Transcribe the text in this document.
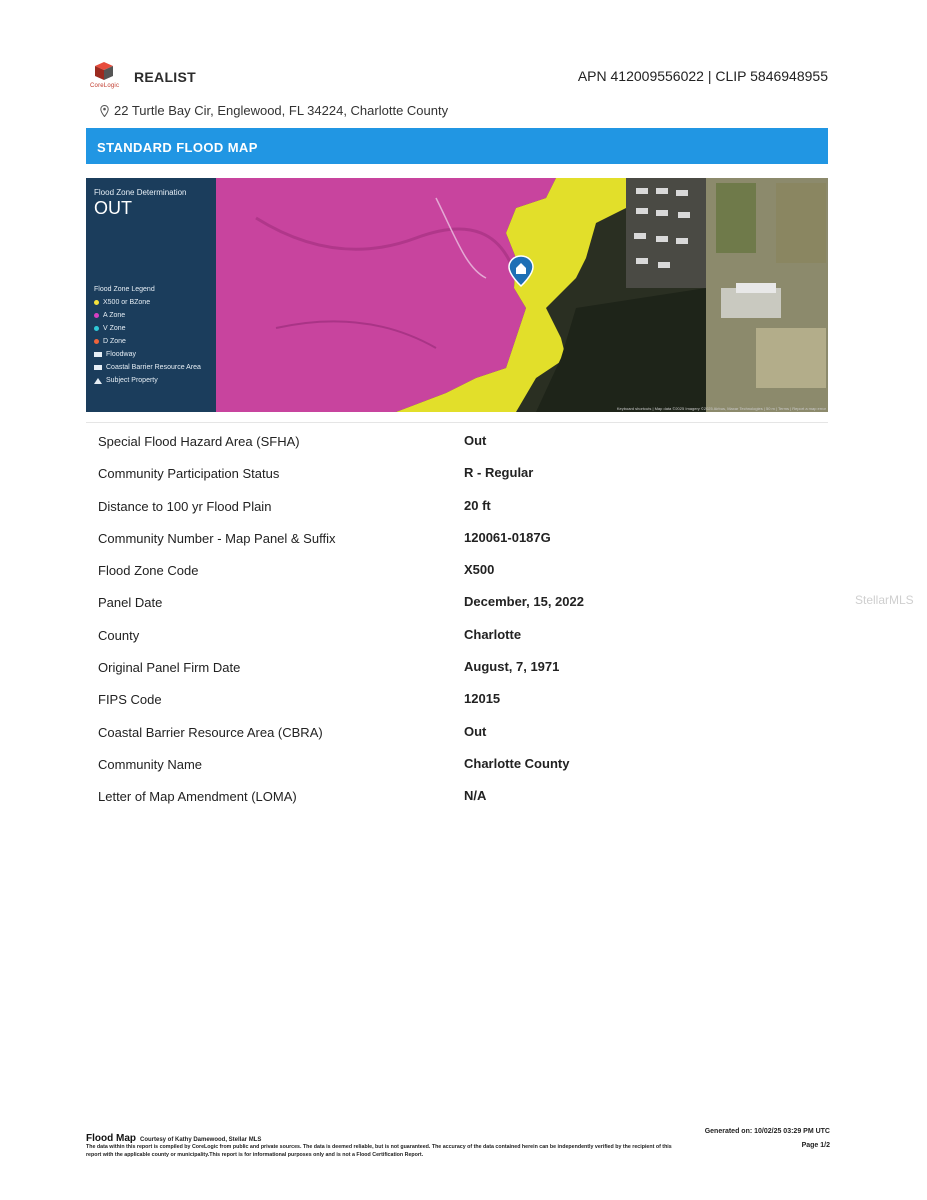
CoreLogic
REALIST	APN 412009556022 | CLIP 5846948955
22 Turtle Bay Cir, Englewood, FL 34224, Charlotte County
STANDARD FLOOD MAP
Flood Zone Determination
OUT
Flood Zone Legend
X500 or BZone
A Zone
V Zone
D Zone
Floodway
Coastal Barrier Resource Area
Subject Property
Keyboard shortcuts | Map data ©2025 Imagery ©2025 Airbus, Maxar Technologies | 50 m | Terms | Report a map error
Special Flood Hazard Area (SFHA)	Out
Community Participation Status	R - Regular
Distance to 100 yr Flood Plain	20 ft
Community Number - Map Panel & Suffix	120061-0187G
Flood Zone Code	X500
Panel Date	December, 15, 2022
County	Charlotte
Original Panel Firm Date	August, 7, 1971
FIPS Code	12015
Coastal Barrier Resource Area (CBRA)	Out
Community Name	Charlotte County
Letter of Map Amendment (LOMA)	N/A
StellarMLS
Flood Map Courtesy of Kathy Damewood, Stellar MLS
The data within this report is compiled by CoreLogic from public and private sources. The data is deemed reliable, but is not guaranteed. The accuracy of the data contained herein can be independently verified by the recipient of this report with the applicable county or municipality.This report is for informational purposes only and is not a Flood Certification Report.
Generated on: 10/02/25 03:29 PM UTC
Page 1/2
